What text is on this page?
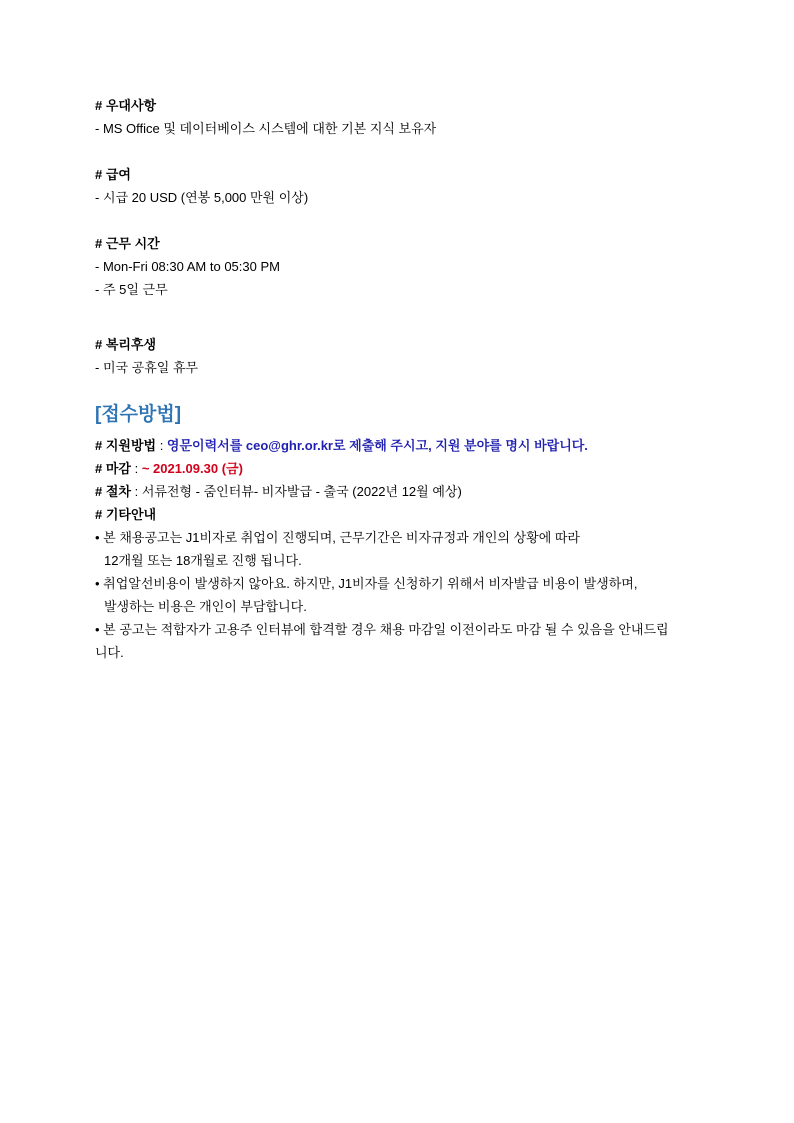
# 우대사항
- MS Office 및 데이터베이스 시스템에 대한 기본 지식 보유자
# 급여
- 시급 20 USD (연봉 5,000 만원 이상)
# 근무 시간
- Mon-Fri 08:30 AM to 05:30 PM
- 주 5일 근무
# 복리후생
- 미국 공휴일 휴무
[접수방법]
# 지원방법 : 영문이력서를 ceo@ghr.or.kr로 제출해 주시고, 지원 분야를 명시 바랍니다.
# 마감 : ~ 2021.09.30 (금)
# 절차 : 서류전형 - 줌인터뷰- 비자발급 - 출국 (2022년 12월 예상)
# 기타안내
• 본 채용공고는 J1비자로 취업이 진행되며, 근무기간은 비자규정과 개인의 상황에 따라
12개월 또는 18개월로 진행 됩니다.
• 취업알선비용이 발생하지 않아요. 하지만, J1비자를 신청하기 위해서 비자발급 비용이 발생하며,
발생하는 비용은 개인이 부담합니다.
• 본 공고는 적합자가 고용주 인터뷰에 합격할 경우 채용 마감일 이전이라도 마감 될 수 있음을 안내드립
니다.
